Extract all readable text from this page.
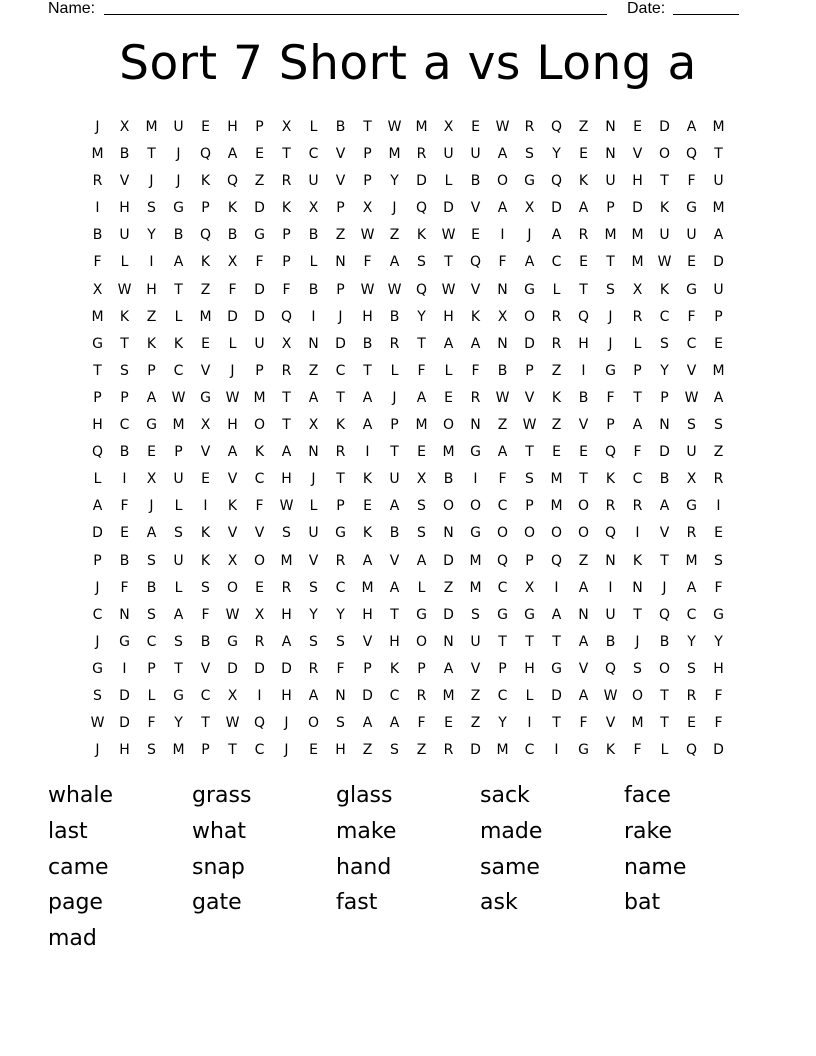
Name:	Date:
Sort 7 Short a vs Long a
J	X	M	U	E	H	P	X	L	B	T	W	M	X	E	W	R	Q	Z	N	E	D	A	M
M	B	T	J	Q	A	E	T	C	V	P	M	R	U	U	A	S	Y	E	N	V	O	Q	T
R	V	J	J	K	Q	Z	R	U	V	P	Y	D	L	B	O	G	Q	K	U	H	T	F	U
I	H	S	G	P	K	D	K	X	P	X	J	Q	D	V	A	X	D	A	P	D	K	G	M
B	U	Y	B	Q	B	G	P	B	Z	W	Z	K	W	E	I	J	A	R	M	M	U	U	A
F	L	I	A	K	X	F	P	L	N	F	A	S	T	Q	F	A	C	E	T	M	W	E	D
X	W	H	T	Z	F	D	F	B	P	W W	Q	W	V	N	G	L	T	S	X	K	G	U
M	K	Z	L	M	D	D	Q	I	J	H	B	Y	H	K	X	O	R	Q	J	R	C	F	P
G	T	K	K	E	L	U	X	N	D	B	R	T	A	A	N	D	R	H	J	L	S	C	E
T	S	P	C	V	J	P	R	Z	C	T	L	F	L	F	B	P	Z	I	G	P	Y	V	M
P	P	A	W	G	W	M	T	A	T	A	J	A	E	R	W	V	K	B	F	T	P	W	A
H	C	G	M	X	H	O	T	X	K	A	P	M	O	N	Z	W	Z	V	P	A	N	S	S
Q	B	E	P	V	A	K	A	N	R	I	T	E	M	G	A	T	E	E	Q	F	D	U	Z
L	I	X	U	E	V	C	H	J	T	K	U	X	B	I	F	S	M	T	K	C	B	X	R
A	F	J	L	I	K	F	W	L	P	E	A	S	O	O	C	P	M	O	R	R	A	G	I
D	E	A	S	K	V	V	S	U	G	K	B	S	N	G	O	O	O	O	Q	I	V	R	E
P	B	S	U	K	X	O	M	V	R	A	V	A	D	M	Q	P	Q	Z	N	K	T	M	S
J	F	B	L	S	O	E	R	S	C	M	A	L	Z	M	C	X	I	A	I	N	J	A	F
C	N	S	A	F	W	X	H	Y	Y	H	T	G	D	S	G	G	A	N	U	T	Q	C	G
J	G	C	S	B	G	R	A	S	S	V	H	O	N	U	T	T	T	A	B	J	B	Y	Y
G	I	P	T	V	D	D	D	R	F	P	K	P	A	V	P	H	G	V	Q	S	O	S	H
S	D	L	G	C	X	I	H	A	N	D	C	R	M	Z	C	L	D	A	W	O	T	R	F
W	D	F	Y	T	W	Q	J	O	S	A	A	F	E	Z	Y	I	T	F	V	M	T	E	F
J	H	S	M	P	T	C	J	E	H	Z	S	Z	R	D	M	C	I	G	K	F	L	Q	D
whale	grass	glass	sack	face
last	what	make	made	rake
came	snap	hand	same	name
page	gate	fast	ask	bat
mad
